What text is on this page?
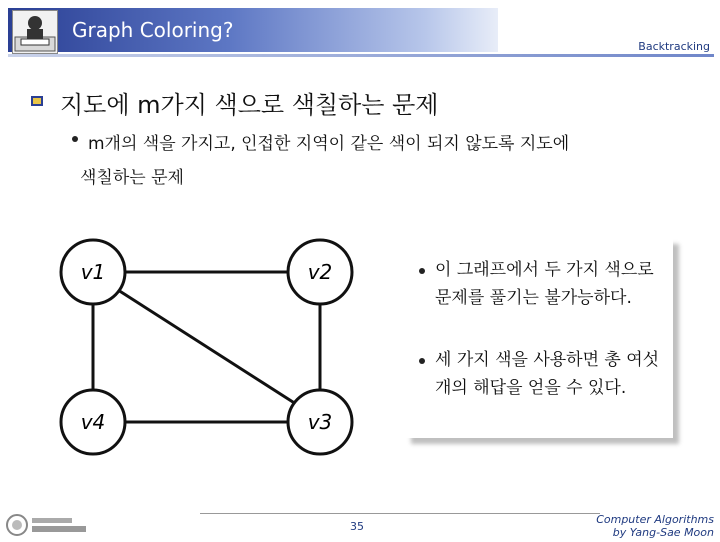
Graph Coloring?
Backtracking
지도에 m가지 색으로 색칠하는 문제
m개의 색을 가지고, 인접한 지역이 같은 색이 되지 않도록 지도에
색칠하는 문제
v1	v2
v3
v4
이 그래프에서 두 가지 색으로 문제를 풀기는 불가능하다.
세 가지 색을 사용하면 총 여섯 개의 해답을 얻을 수 있다.
35
Computer Algorithms
by Yang-Sae Moon
